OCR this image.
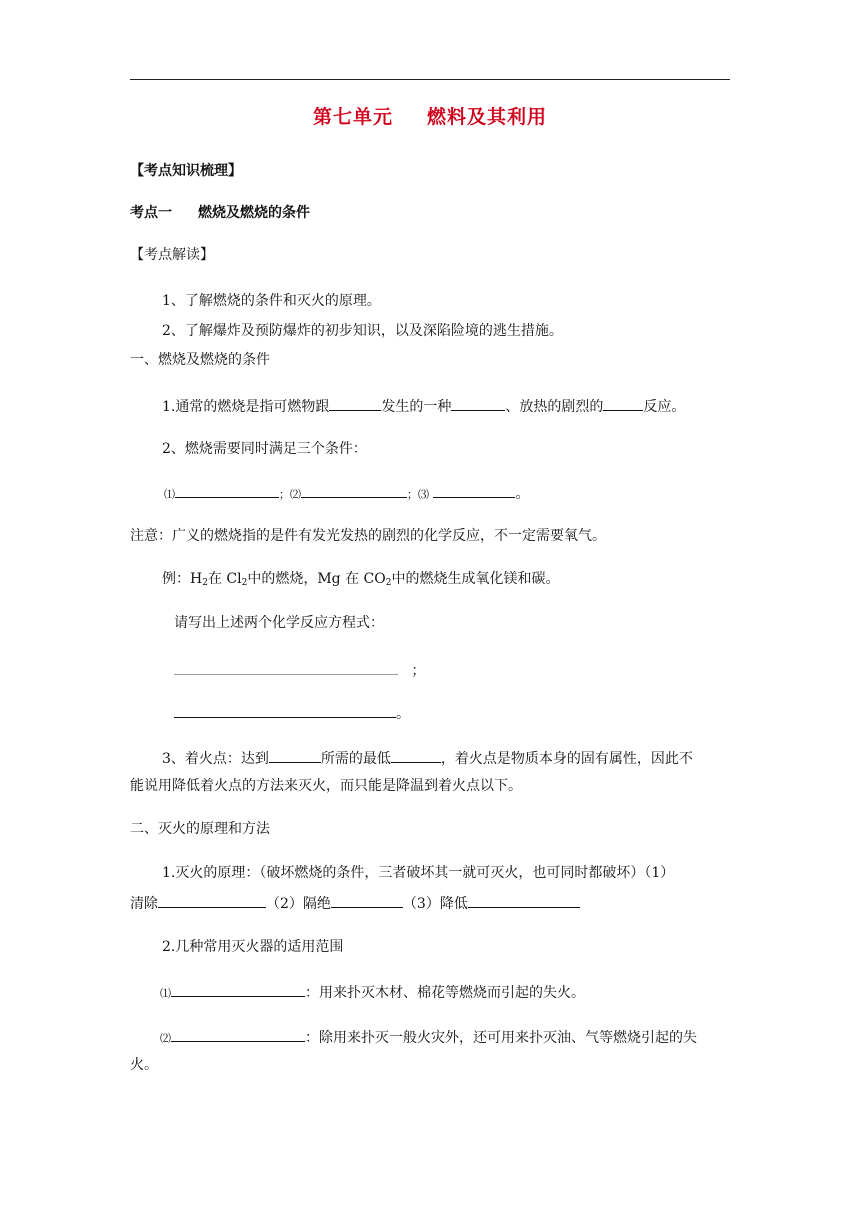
第七单元 燃料及其利用
【考点知识梳理】
考点一 燃烧及燃烧的条件
【考点解读】
1、了解燃烧的条件和灭火的原理。
2、了解爆炸及预防爆炸的初步知识，以及深陷险境的逃生措施。
一、燃烧及燃烧的条件
1.通常的燃烧是指可燃物跟	发生的一种	、放热的剧烈的	反应。
2、燃烧需要同时满足三个条件：
⑴	；⑵	；⑶	。
注意：广义的燃烧指的是件有发光发热的剧烈的化学反应，不一定需要氧气。
例：$H_2$在 $Cl_2$中的燃烧，Mg 在 $CO_2$中的燃烧生成氧化镁和碳。
请写出上述两个化学反应方程式：
；
。
3、着火点：达到	所需的最低	，着火点是物质本身的固有属性，因此不
能说用降低着火点的方法来灭火，而只能是降温到着火点以下。
二、灭火的原理和方法
1.灭火的原理：（破坏燃烧的条件，三者破坏其一就可灭火，也可同时都破坏）（1）
清除	（2）隔绝	（3）降低
2.几种常用灭火器的适用范围
⑴	：用来扑灭木材、棉花等燃烧而引起的失火。
⑵	：除用来扑灭一般火灾外，还可用来扑灭油、气等燃烧引起的失
火。
